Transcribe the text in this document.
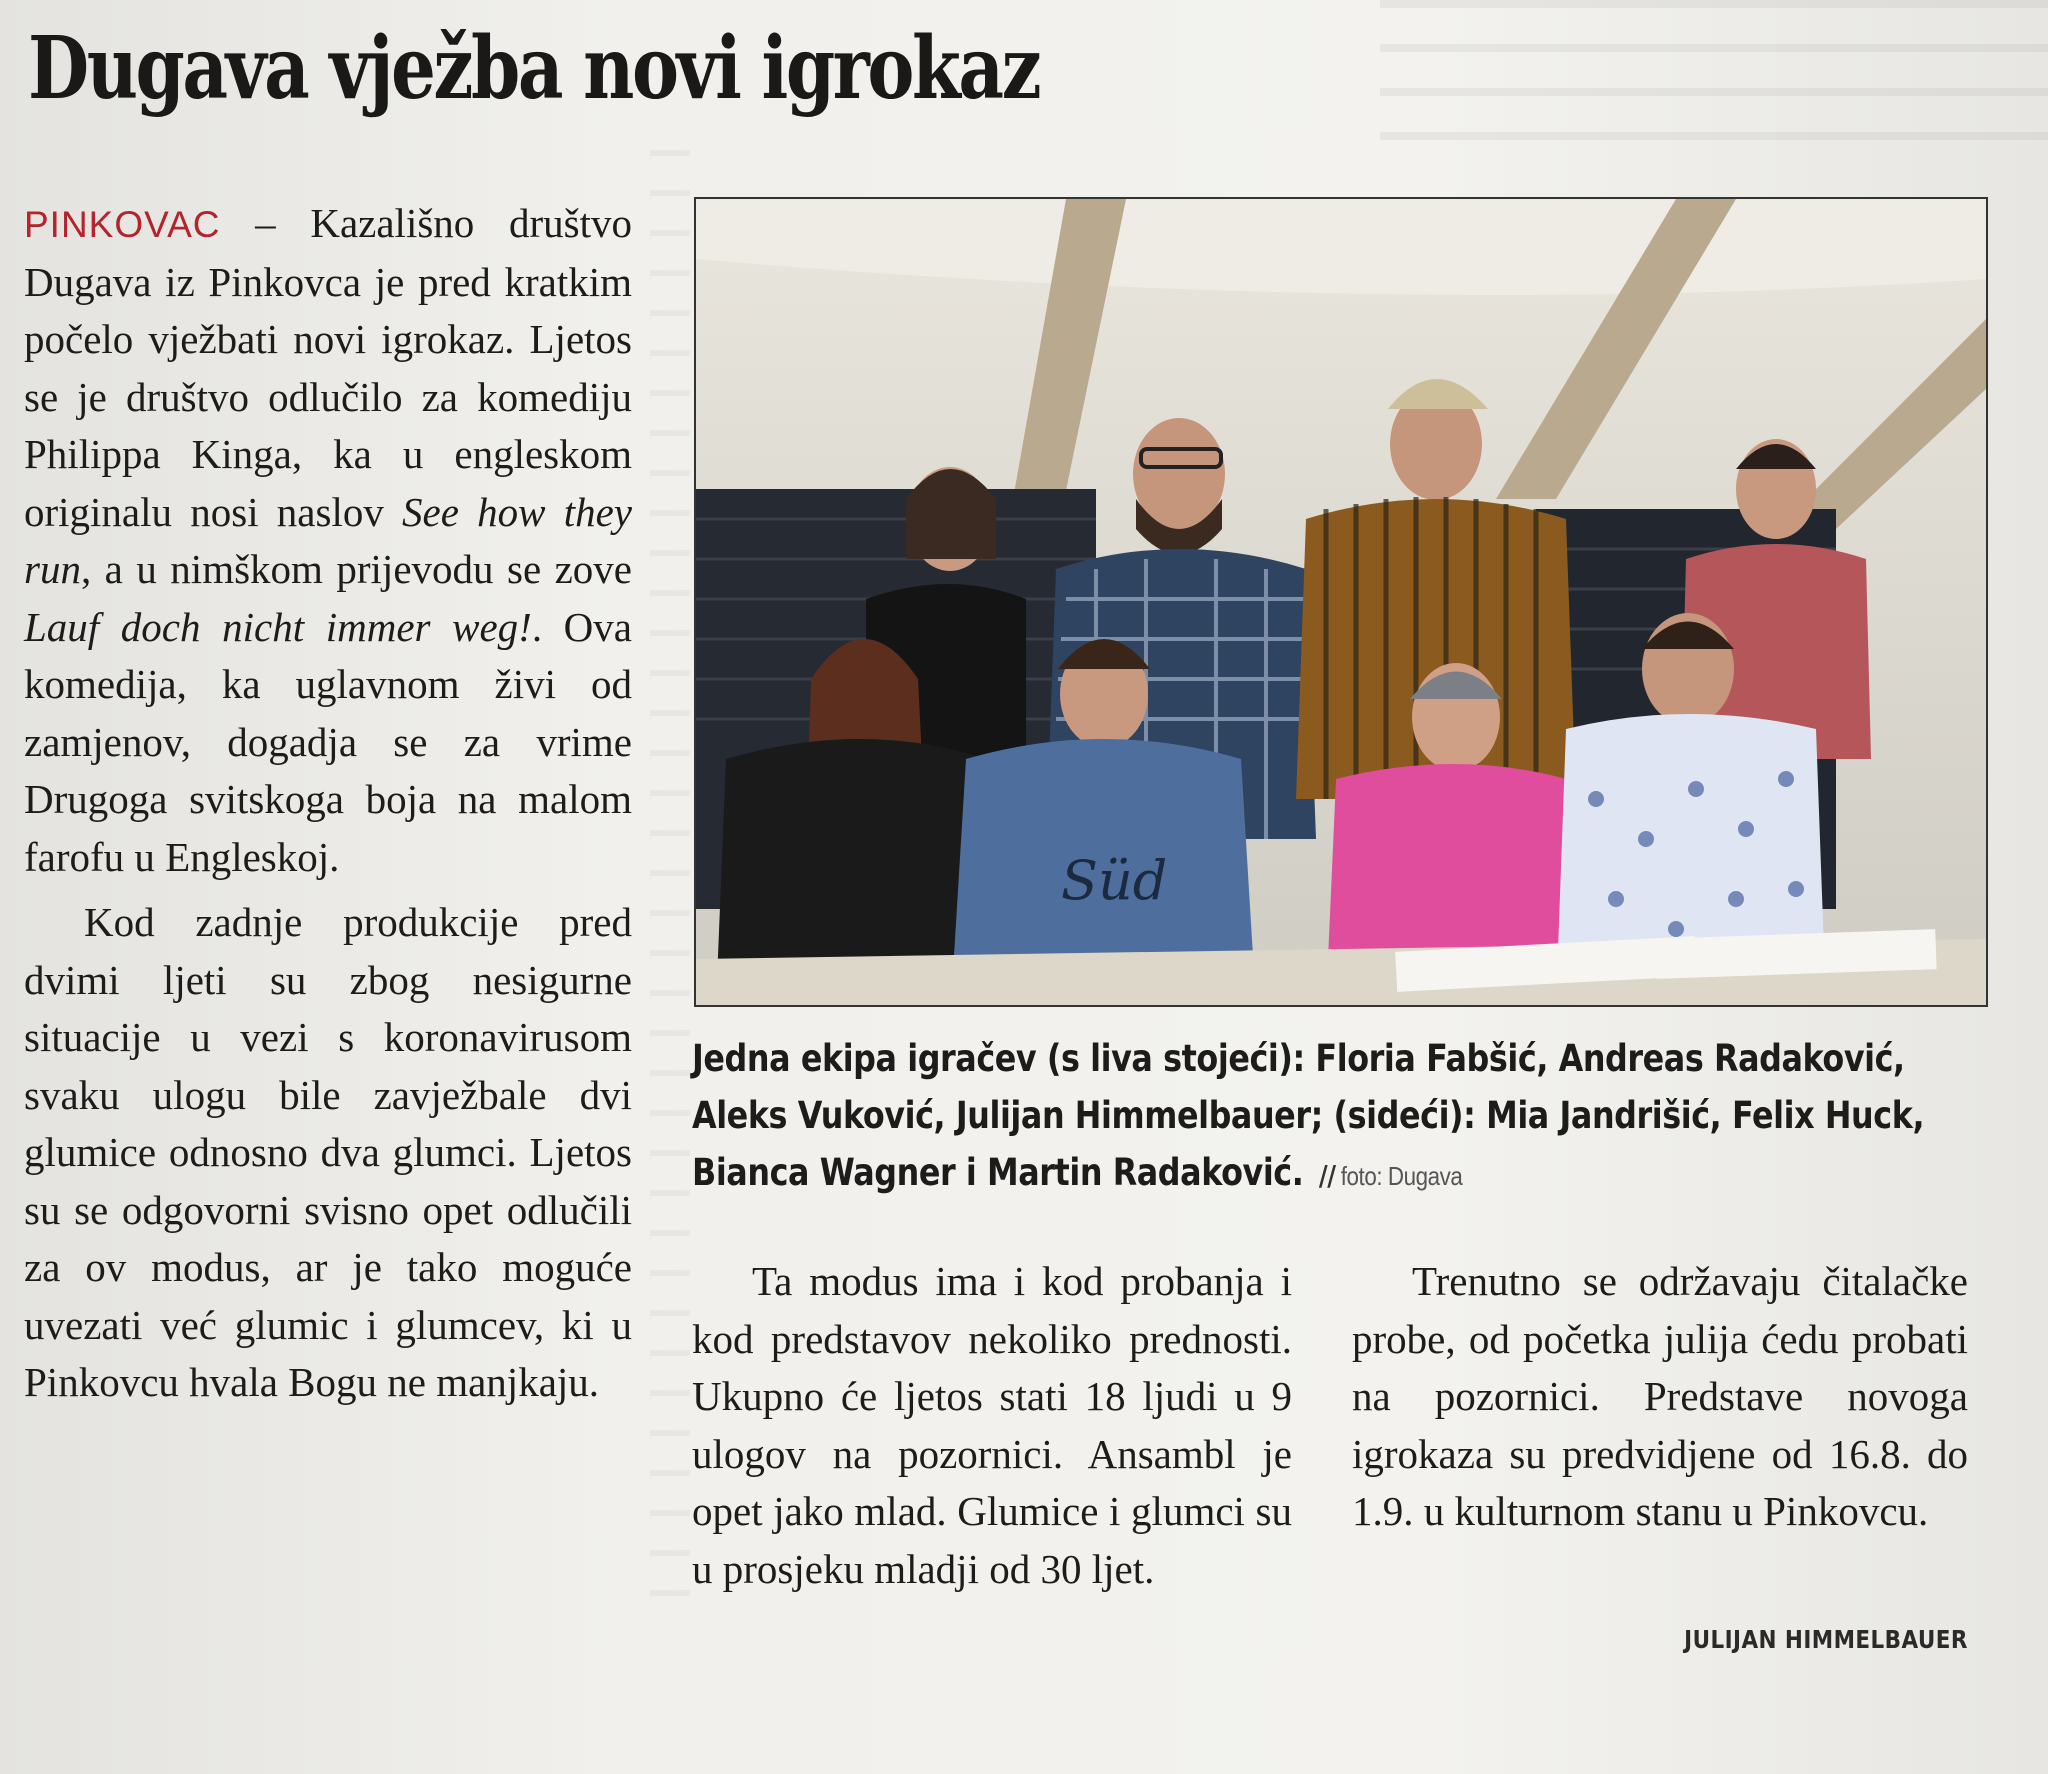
Dugava vježba novi igrokaz

PINKOVAC – Kazališno društvo Dugava iz Pinkovca je pred kratkim počelo vježbati novi igrokaz. Ljetos se je društvo odlučilo za komediju Philippa Kinga, ka u engleskom originalu nosi naslov See how they run, a u nimškom prijevodu se zove Lauf doch nicht immer weg!. Ova komedija, ka uglavnom živi od zamjenov, dogadja se za vrime Drugoga svitskoga boja na malom farofu u Engleskoj.

Kod zadnje produkcije pred dvimi ljeti su zbog nesigurne situacije u vezi s koronavirusom svaku ulogu bile zavježbale dvi glumice odnosno dva glumci. Ljetos su se odgovorni svisno opet odlučili za ov modus, ar je tako moguće uvezati već glumic i glumcev, ki u Pinkovcu hvala Bogu ne manjkaju.

Süd

Jedna ekipa igračev (s liva stojeći): Floria Fabšić, Andreas Radaković, Aleks Vuković, Julijan Himmelbauer; (sideći): Mia Jandrišić, Felix Huck, Bianca Wagner i Martin Radaković. // foto: Dugava

Ta modus ima i kod probanja i kod predstavov nekoliko prednosti. Ukupno će ljetos stati 18 ljudi u 9 ulogov na pozornici. Ansambl je opet jako mlad. Glumice i glumci su u prosjeku mladji od 30 ljet.

Trenutno se održavaju čitalačke probe, od početka julija ćedu probati na pozornici. Predstave novoga igrokaza su predvidjene od 16.8. do 1.9. u kulturnom stanu u Pinkovcu.

JULIJAN HIMMELBAUER
